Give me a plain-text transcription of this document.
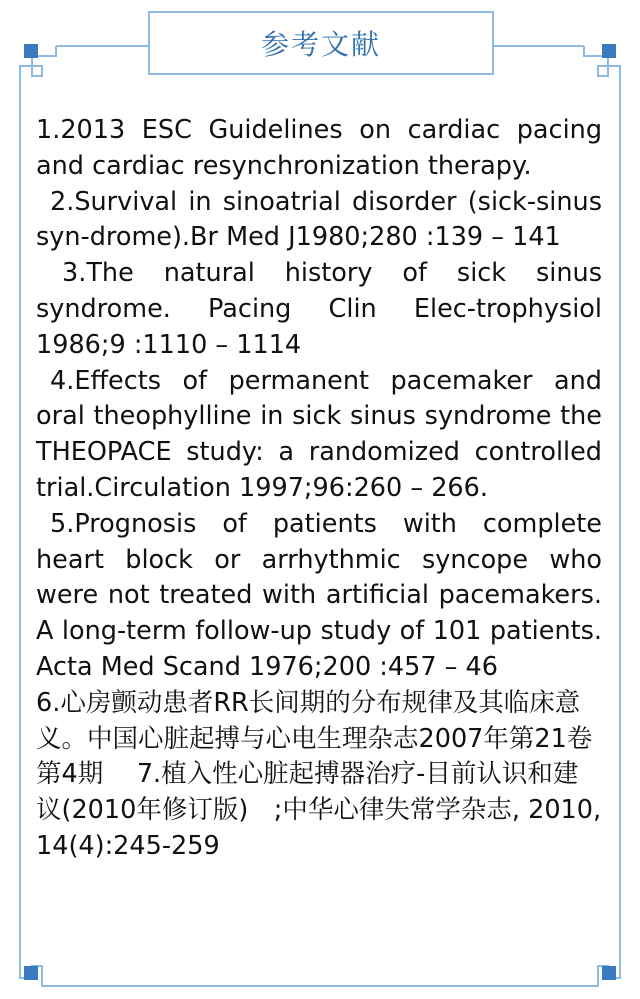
参考文献

1.2013 ESC Guidelines on cardiac pacing and cardiac resynchronization therapy.

2.Survival in sinoatrial disorder (sick-sinus syn-drome).Br Med J1980;280 :139 – 141

3.The natural history of sick sinus syndrome. Pacing Clin Elec-trophysiol 1986;9 :1110 – 1114

4.Effects of permanent pacemaker and oral theophylline in sick sinus syndrome the THEOPACE study: a randomized controlled trial.Circulation 1997;96:260 – 266.

5.Prognosis of patients with complete heart block or arrhythmic syncope who were not treated with artificial pacemakers. A long-term follow-up study of 101 patients. Acta Med Scand 1976;200 :457 – 46

6.心房颤动患者RR长间期的分布规律及其临床意义。中国心脏起搏与心电生理杂志2007年第21卷第4期　 7.植入性心脏起搏器治疗-目前认识和建议(2010年修订版)　;中华心律失常学杂志, 2010, 14(4):245-259
